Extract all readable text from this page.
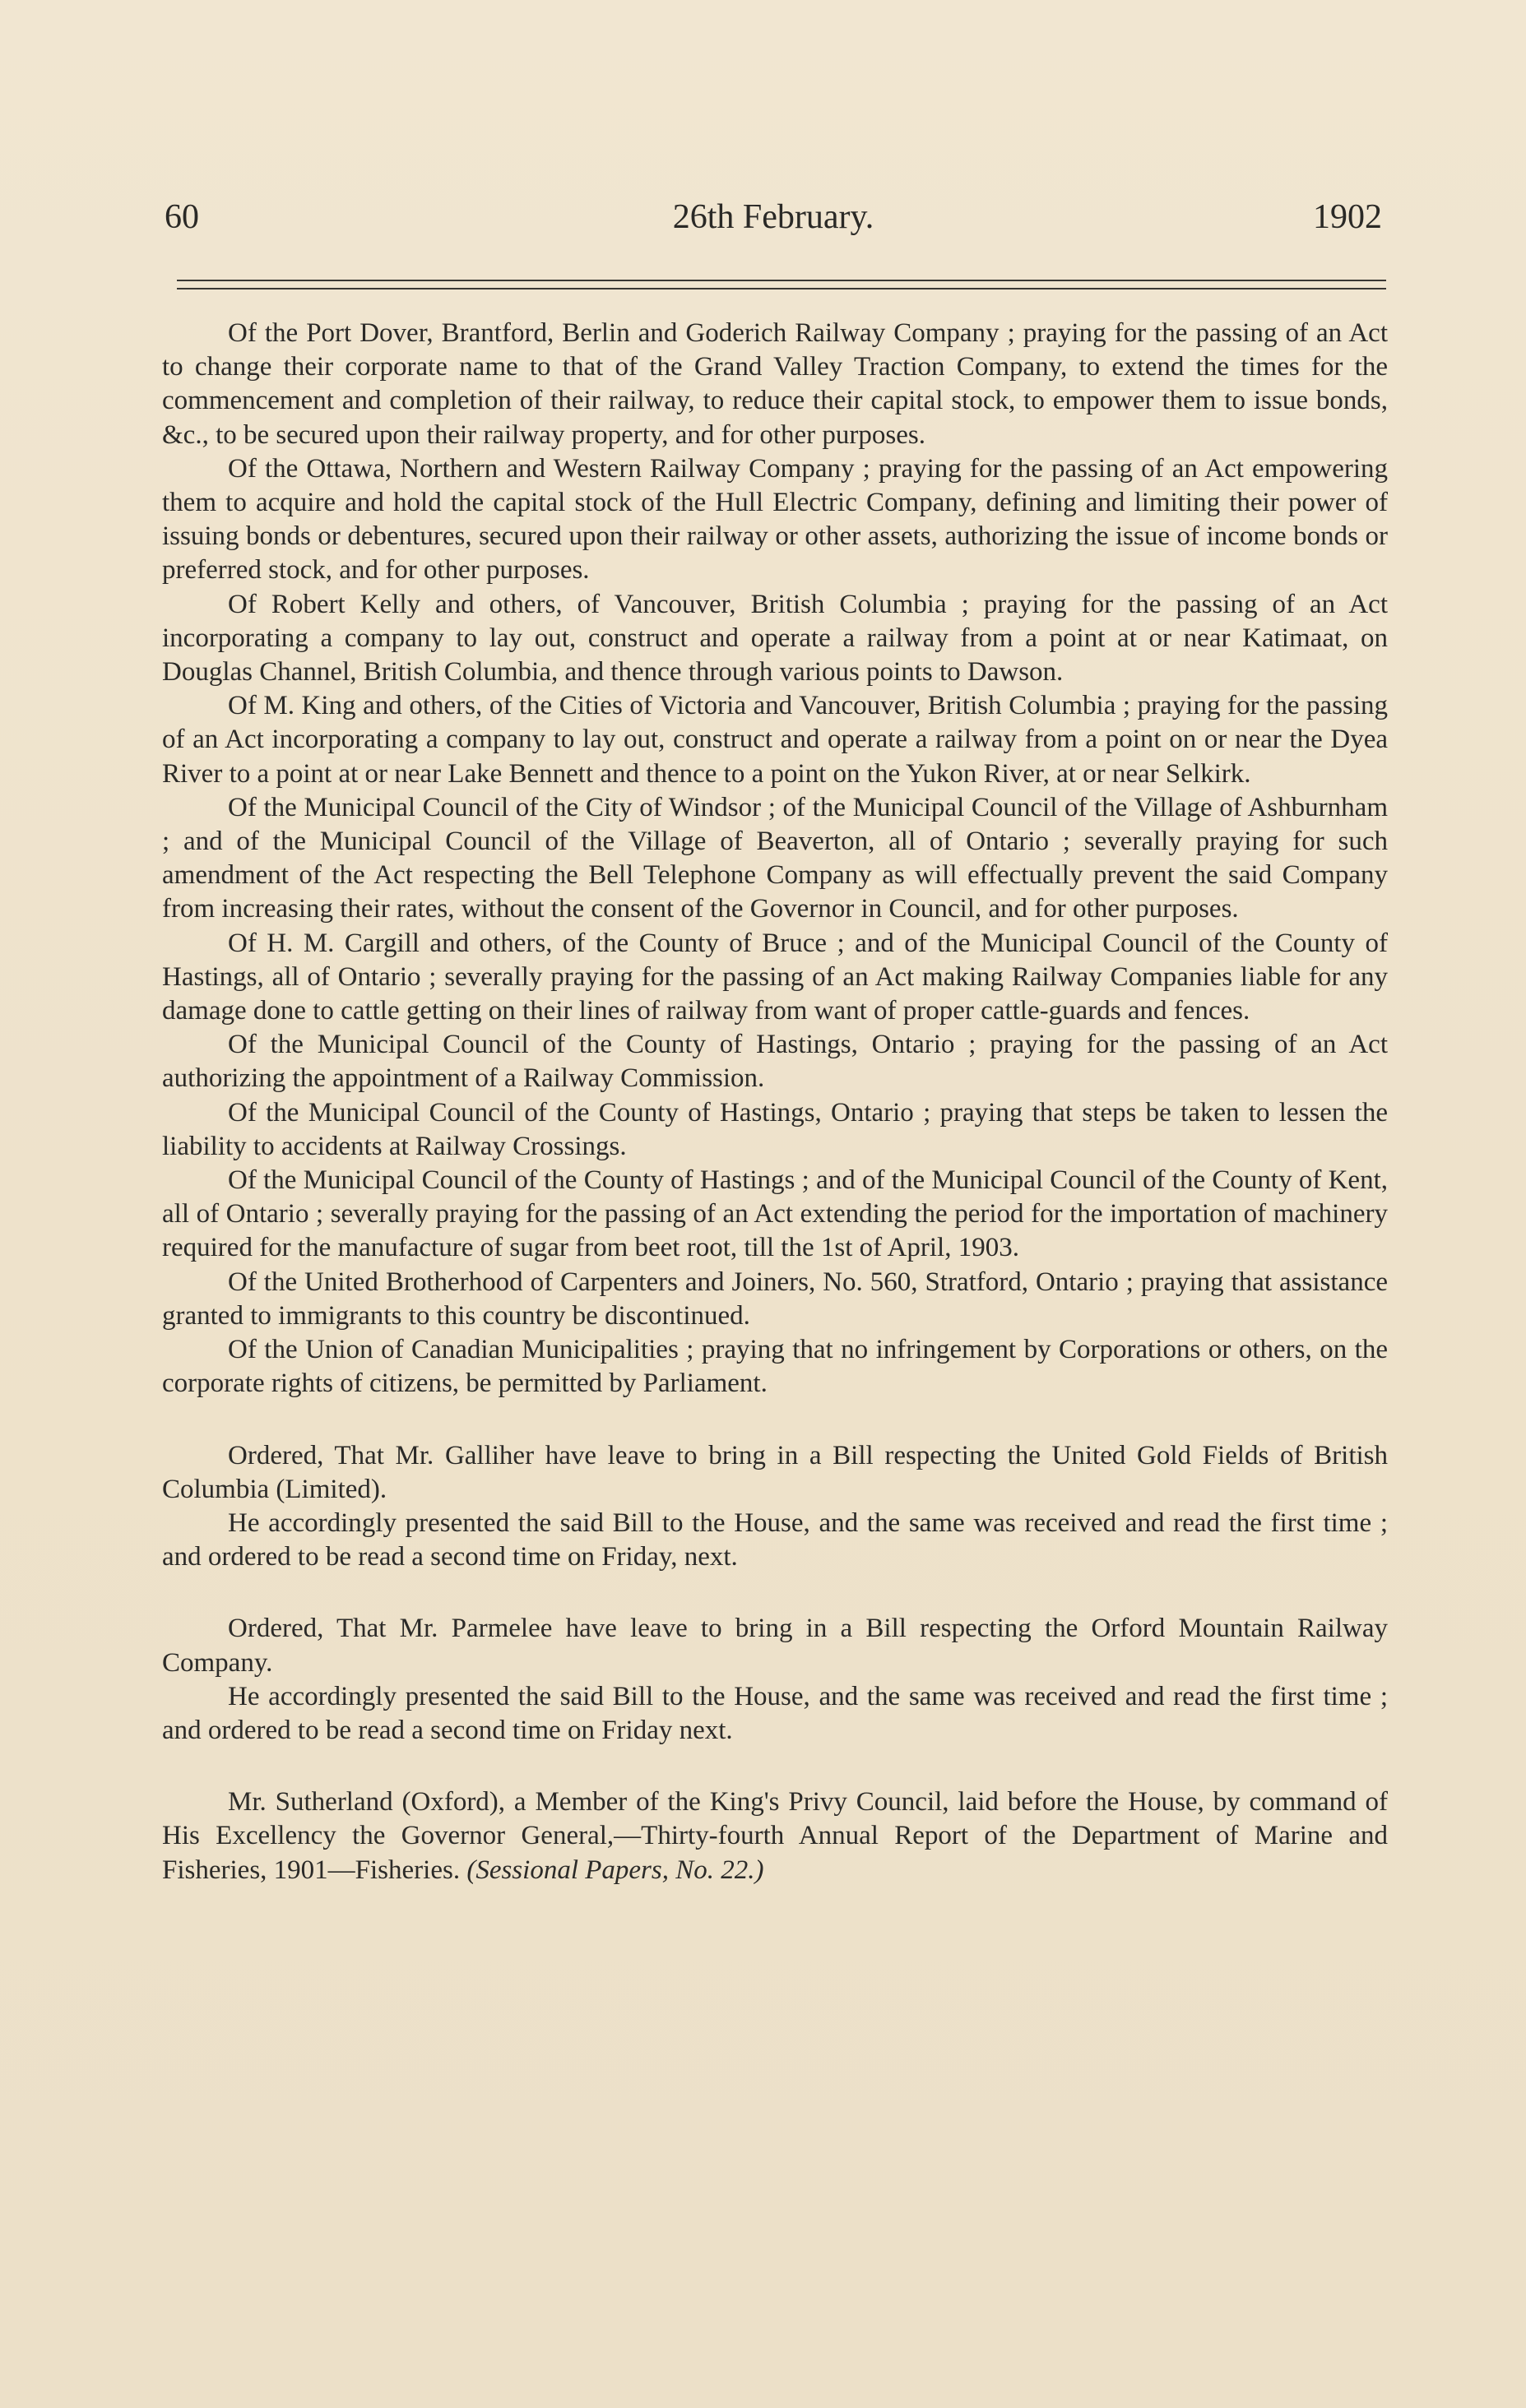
60	26th February.	1902

Of the Port Dover, Brantford, Berlin and Goderich Railway Company ; praying for the passing of an Act to change their corporate name to that of the Grand Valley Traction Company, to extend the times for the commencement and completion of their railway, to reduce their capital stock, to empower them to issue bonds, &c., to be secured upon their railway property, and for other purposes.

Of the Ottawa, Northern and Western Railway Company ; praying for the passing of an Act empowering them to acquire and hold the capital stock of the Hull Electric Company, defining and limiting their power of issuing bonds or debentures, secured upon their railway or other assets, authorizing the issue of income bonds or preferred stock, and for other purposes.

Of Robert Kelly and others, of Vancouver, British Columbia ; praying for the passing of an Act incorporating a company to lay out, construct and operate a railway from a point at or near Katimaat, on Douglas Channel, British Columbia, and thence through various points to Dawson.

Of M. King and others, of the Cities of Victoria and Vancouver, British Columbia ; praying for the passing of an Act incorporating a company to lay out, construct and operate a railway from a point on or near the Dyea River to a point at or near Lake Bennett and thence to a point on the Yukon River, at or near Selkirk.

Of the Municipal Council of the City of Windsor ; of the Municipal Council of the Village of Ashburnham ; and of the Municipal Council of the Village of Beaverton, all of Ontario ; severally praying for such amendment of the Act respecting the Bell Telephone Company as will effectually prevent the said Company from increasing their rates, without the consent of the Governor in Council, and for other purposes.

Of H. M. Cargill and others, of the County of Bruce ; and of the Municipal Council of the County of Hastings, all of Ontario ; severally praying for the passing of an Act making Railway Companies liable for any damage done to cattle getting on their lines of railway from want of proper cattle-guards and fences.

Of the Municipal Council of the County of Hastings, Ontario ; praying for the passing of an Act authorizing the appointment of a Railway Commission.

Of the Municipal Council of the County of Hastings, Ontario ; praying that steps be taken to lessen the liability to accidents at Railway Crossings.

Of the Municipal Council of the County of Hastings ; and of the Municipal Council of the County of Kent, all of Ontario ; severally praying for the passing of an Act extending the period for the importation of machinery required for the manufacture of sugar from beet root, till the 1st of April, 1903.

Of the United Brotherhood of Carpenters and Joiners, No. 560, Stratford, Ontario ; praying that assistance granted to immigrants to this country be discontinued.

Of the Union of Canadian Municipalities ; praying that no infringement by Corporations or others, on the corporate rights of citizens, be permitted by Parliament.

Ordered, That Mr. Galliher have leave to bring in a Bill respecting the United Gold Fields of British Columbia (Limited).

He accordingly presented the said Bill to the House, and the same was received and read the first time ; and ordered to be read a second time on Friday, next.

Ordered, That Mr. Parmelee have leave to bring in a Bill respecting the Orford Mountain Railway Company.

He accordingly presented the said Bill to the House, and the same was received and read the first time ; and ordered to be read a second time on Friday next.

Mr. Sutherland (Oxford), a Member of the King's Privy Council, laid before the House, by command of His Excellency the Governor General,—Thirty-fourth Annual Report of the Department of Marine and Fisheries, 1901—Fisheries. (Sessional Papers, No. 22.)
